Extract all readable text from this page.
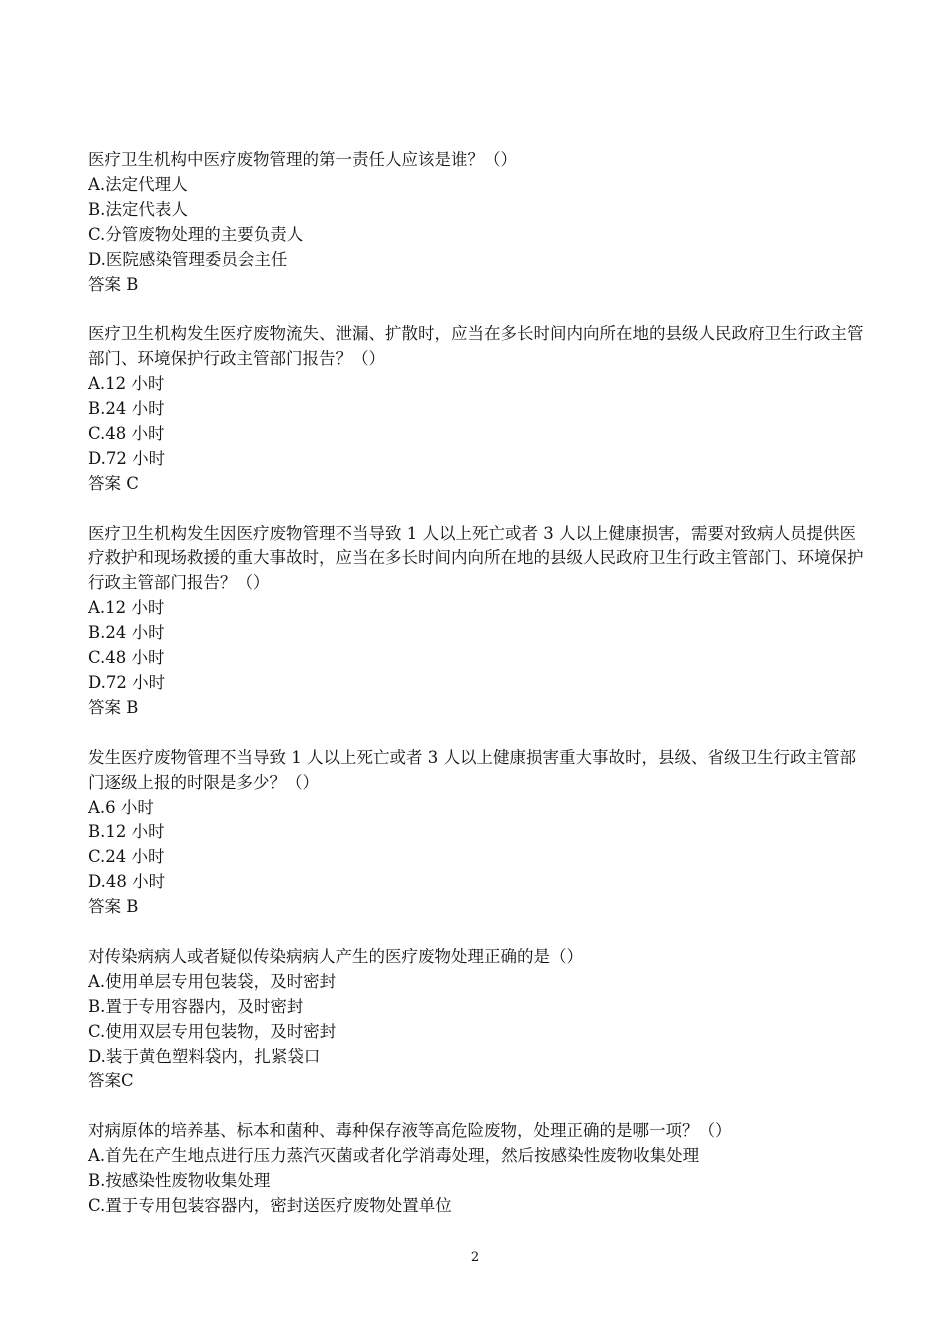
医疗卫生机构中医疗废物管理的第一责任人应该是谁？（）
A.法定代理人
B.法定代表人
C.分管废物处理的主要负责人
D.医院感染管理委员会主任
答案 B
医疗卫生机构发生医疗废物流失、泄漏、扩散时，应当在多长时间内向所在地的县级人民政府卫生行政主管部门、环境保护行政主管部门报告？（）
A.12 小时
B.24 小时
C.48 小时
D.72 小时
答案 C
医疗卫生机构发生因医疗废物管理不当导致 1 人以上死亡或者 3 人以上健康损害，需要对致病人员提供医疗救护和现场救援的重大事故时，应当在多长时间内向所在地的县级人民政府卫生行政主管部门、环境保护行政主管部门报告？（）
A.12 小时
B.24 小时
C.48 小时
D.72 小时
答案 B
发生医疗废物管理不当导致 1 人以上死亡或者 3 人以上健康损害重大事故时，县级、省级卫生行政主管部门逐级上报的时限是多少？（）
A.6 小时
B.12 小时
C.24 小时
D.48 小时
答案 B
对传染病病人或者疑似传染病病人产生的医疗废物处理正确的是（）
A.使用单层专用包装袋，及时密封
B.置于专用容器内，及时密封
C.使用双层专用包装物，及时密封
D.装于黄色塑料袋内，扎紧袋口
答案C
对病原体的培养基、标本和菌种、毒种保存液等高危险废物，处理正确的是哪一项？（）
A.首先在产生地点进行压力蒸汽灭菌或者化学消毒处理，然后按感染性废物收集处理
B.按感染性废物收集处理
C.置于专用包装容器内，密封送医疗废物处置单位
2
